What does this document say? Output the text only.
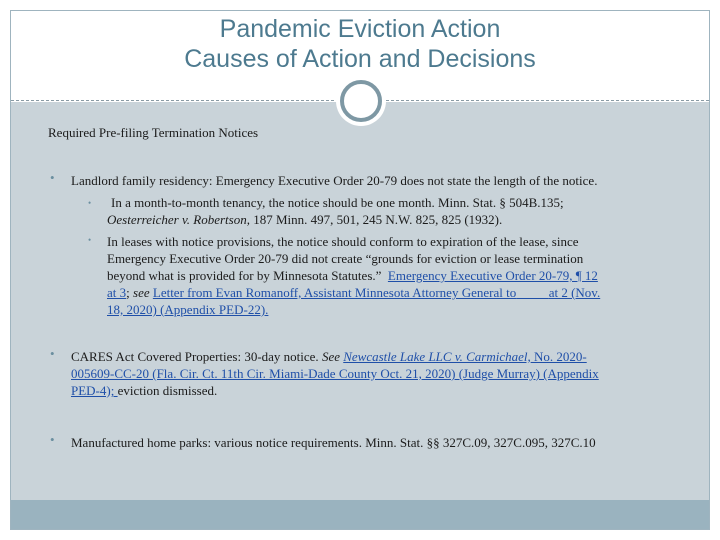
Pandemic Eviction Action
Causes of Action and Decisions
Required Pre-filing Termination Notices
• Landlord family residency: Emergency Executive Order 20-79 does not state the length of the notice.
•	In a month-to-month tenancy, the notice should be one month. Minn. Stat. § 504B.135;
Oesterreicher v. Robertson, 187 Minn. 497, 501, 245 N.W. 825, 825 (1932).
• In leases with notice provisions, the notice should conform to expiration of the lease, since
Emergency Executive Order 20-79 did not create “grounds for eviction or lease termination
beyond what is provided for by Minnesota Statutes.” Emergency Executive Order 20-79, ¶ 12
at 3; see Letter from Evan Romanoff, Assistant Minnesota Attorney General to	at 2 (Nov.
18, 2020) (Appendix PED-22).
• CARES Act Covered Properties: 30-day notice. See Newcastle Lake LLC v. Carmichael, No. 2020-
005609-CC-20 (Fla. Cir. Ct. 11th Cir. Miami-Dade County Oct. 21, 2020) (Judge Murray) (Appendix
PED-4); eviction dismissed.
• Manufactured home parks: various notice requirements. Minn. Stat. §§ 327C.09, 327C.095, 327C.10
